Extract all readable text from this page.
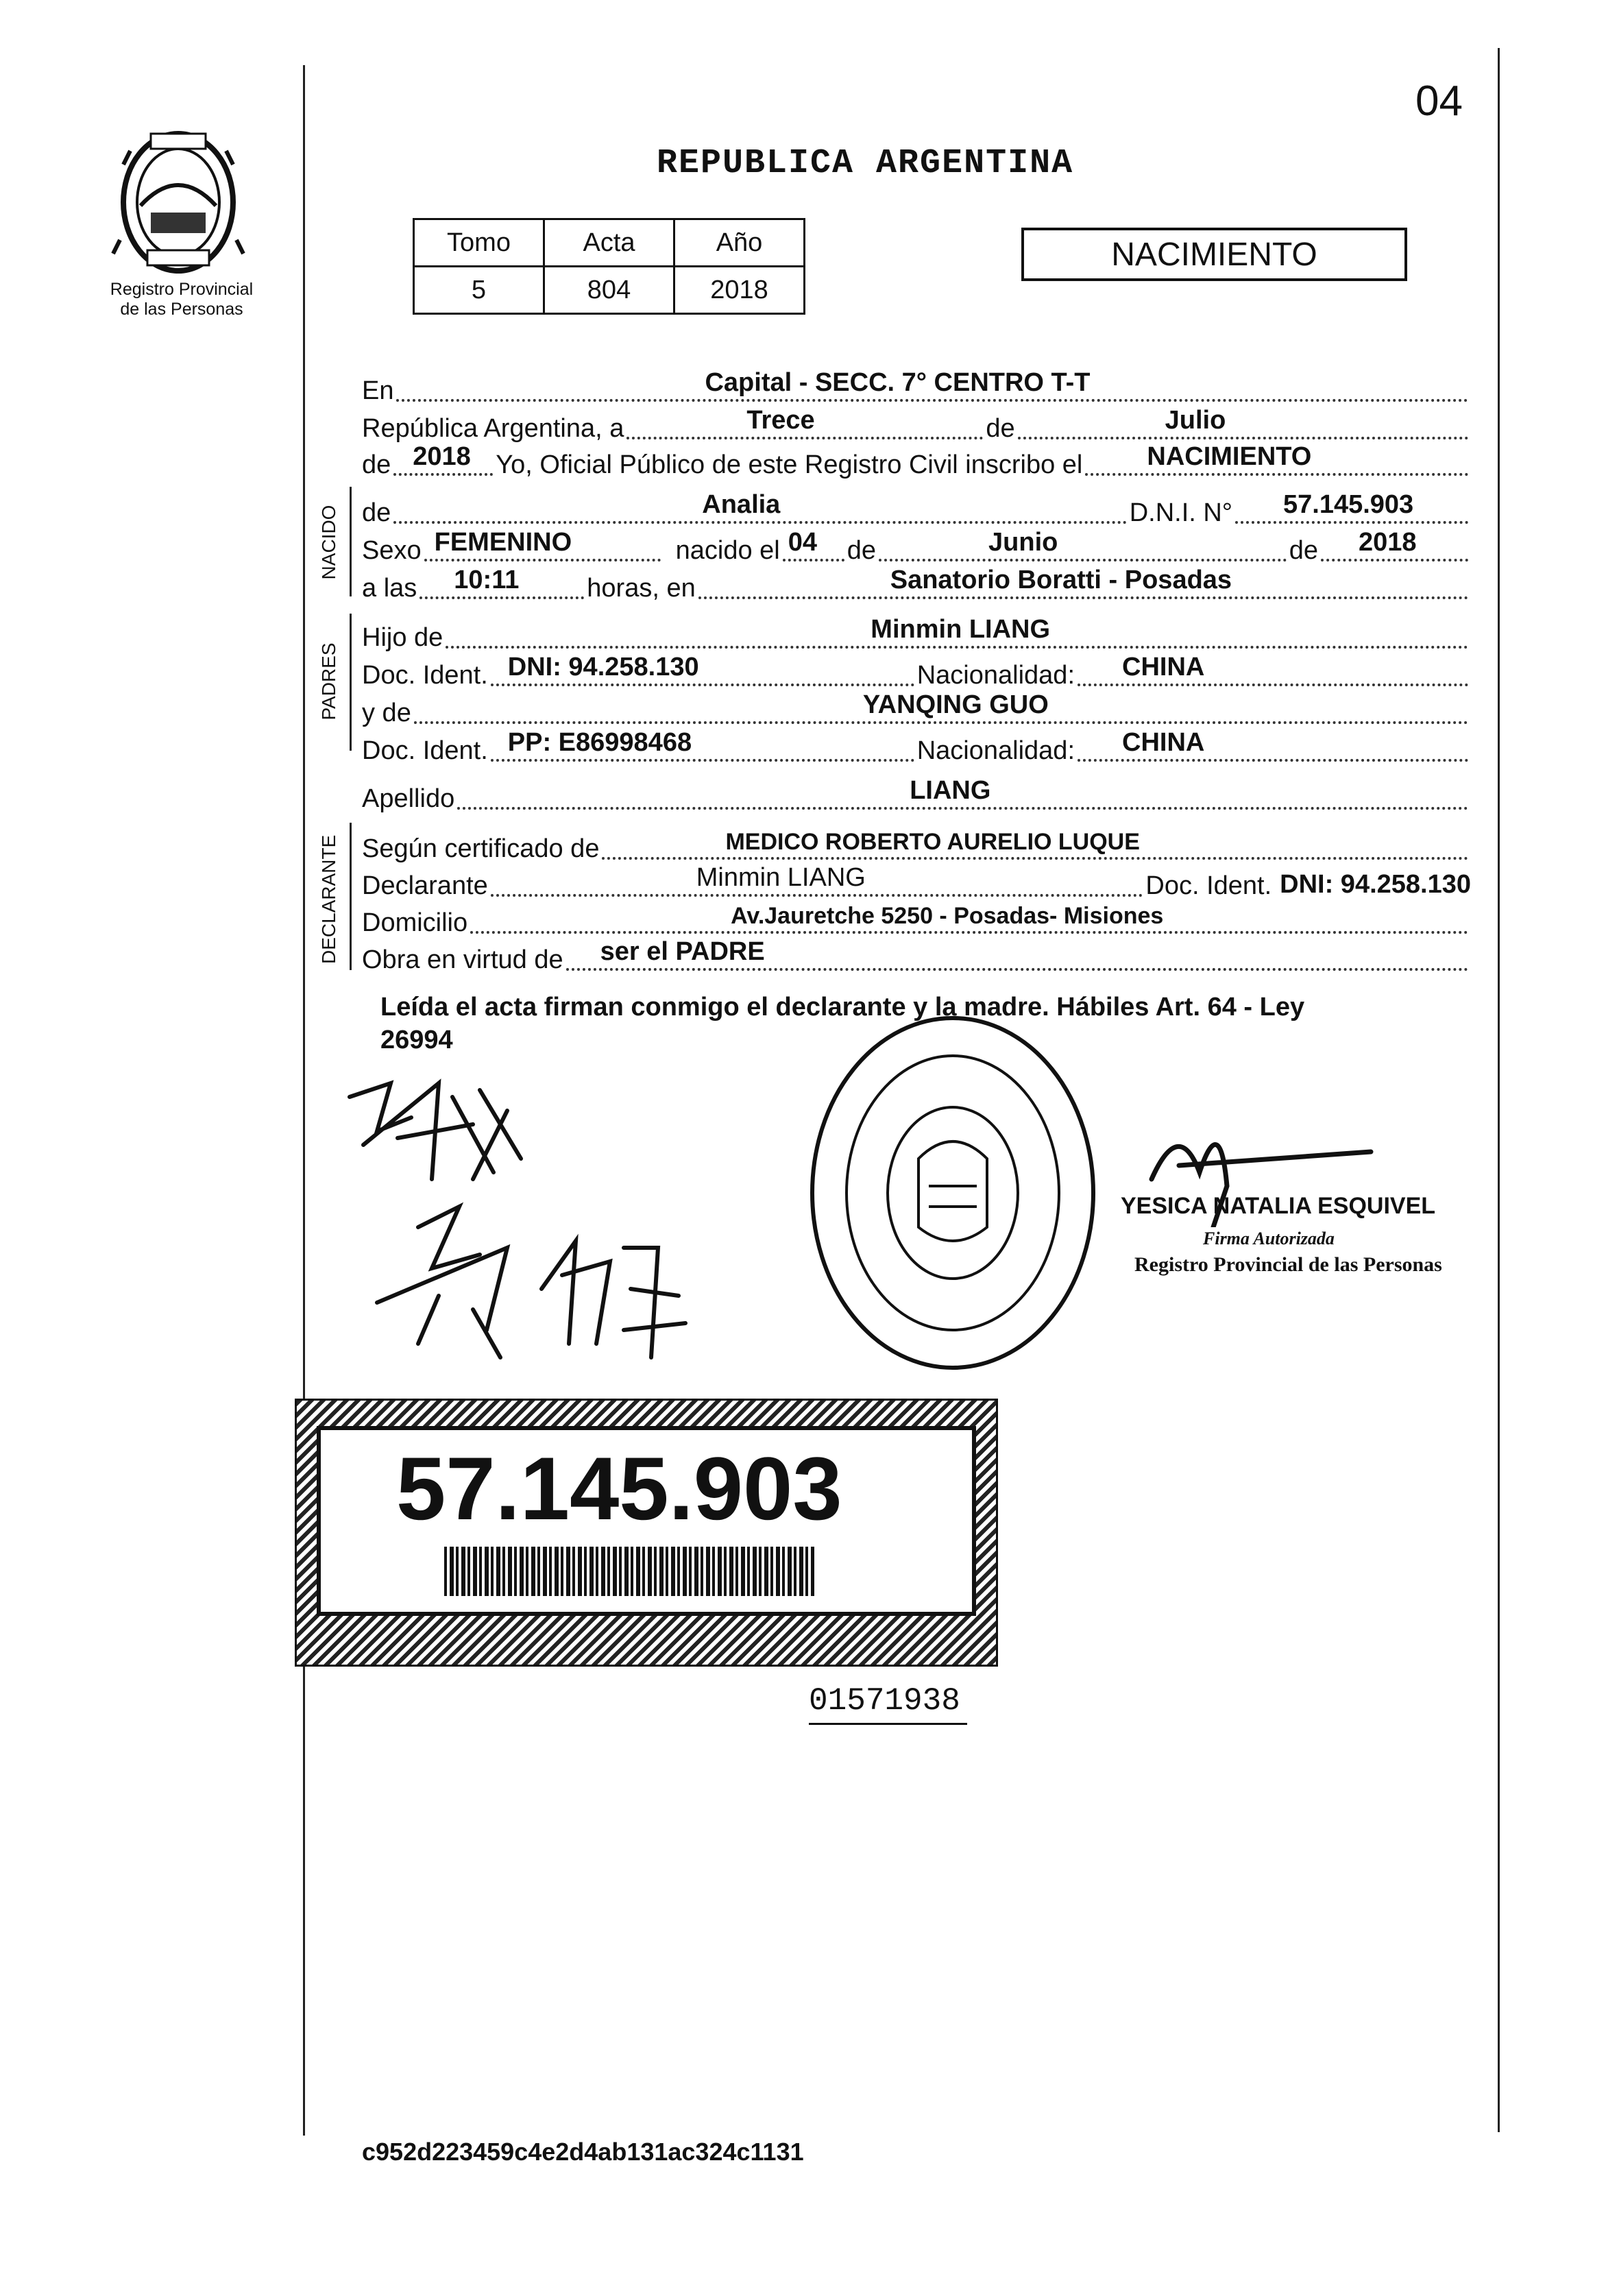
04
Registro Provincial
de las Personas
REPUBLICA ARGENTINA
Tomo	Acta	Año
5	804	2018
NACIMIENTO
En	Capital - SECC. 7° CENTRO T-T
República Argentina, a	Trece	de	Julio
de 2018 Yo, Oficial Público de este Registro Civil inscribo el NACIMIENTO
NACIDO de	Analia	D.N.I. N° 57.145.903
Sexo FEMENINO	nacido el 04 de	Junio	de 2018
a las 10:11	horas, en	Sanatorio Boratti - Posadas
PADRES
Hijo de	Minmin LIANG
Doc. Ident. DNI: 94.258.130	Nacionalidad: CHINA
y de	YANQING GUO
Doc. Ident. PP: E86998468	Nacionalidad: CHINA
Apellido	LIANG
DECLARANTE Según certificado de	MEDICO ROBERTO AURELIO LUQUE
Declarante	Minmin LIANG	Doc. Ident. DNI: 94.258.130
Domicilio	Av.Jauretche 5250 - Posadas- Misiones
Obra en virtud de ser el PADRE
Leída el acta firman conmigo el declarante y la madre. Hábiles Art. 64 - Ley
26994
YESICA NATALIA ESQUIVEL
Firma Autorizada
Registro Provincial de las Personas
57.145.903
01571938
c952d223459c4e2d4ab131ac324c1131
